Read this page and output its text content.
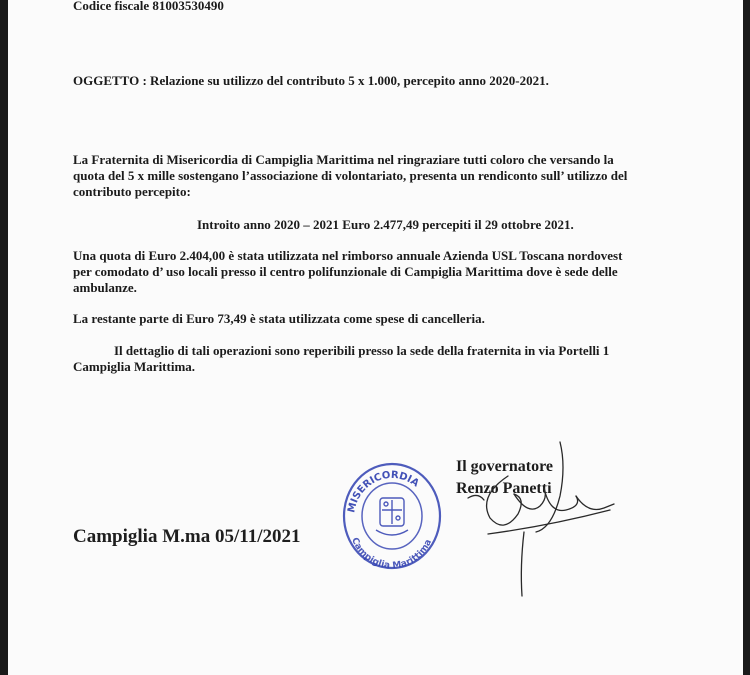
Codice fiscale 81003530490
OGGETTO : Relazione su utilizzo del contributo 5 x 1.000, percepito anno 2020-2021.
La Fraternita di Misericordia di Campiglia Marittima nel ringraziare tutti coloro che versando la
quota del 5 x mille sostengano l’associazione di volontariato, presenta un rendiconto sull’ utilizzo del
contributo percepito:
Introito anno 2020 – 2021 Euro 2.477,49 percepiti il 29 ottobre 2021.
Una quota di Euro 2.404,00 è stata utilizzata nel rimborso annuale Azienda USL Toscana nordovest
per comodato d’ uso locali presso il centro polifunzionale di Campiglia Marittima dove è sede delle
ambulanze.
La restante parte di Euro 73,49 è stata utilizzata come spese di cancelleria.
Il dettaglio di tali operazioni sono reperibili presso la sede della fraternita in via Portelli 1
Campiglia Marittima.
Campiglia M.ma 05/11/2021
Il governatore
Renzo Panetti
MISERICORDIA
Campiglia Marittima
